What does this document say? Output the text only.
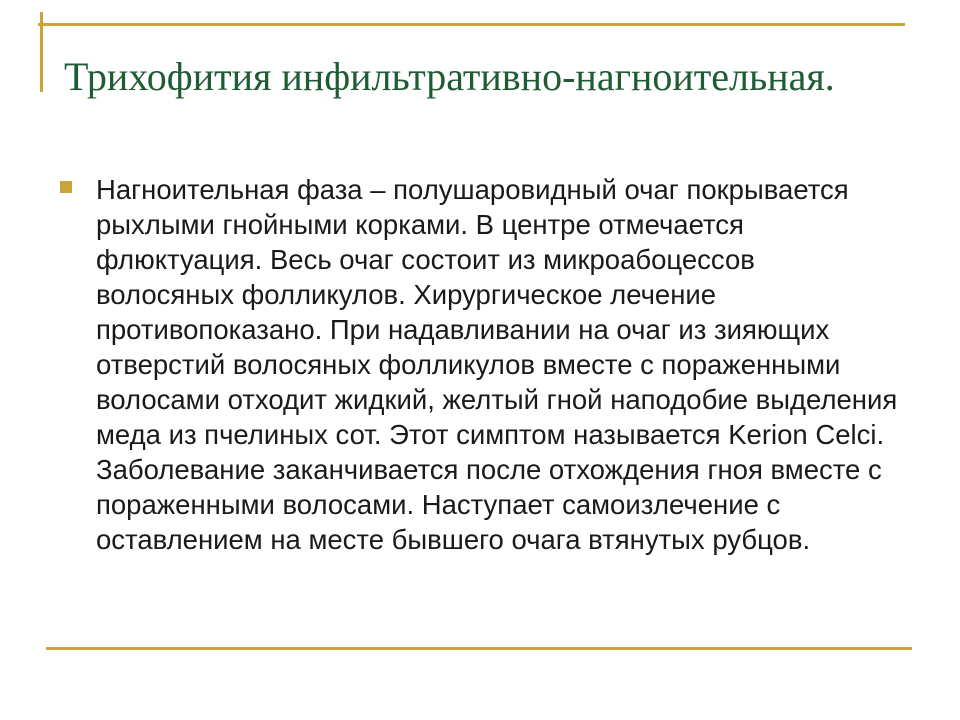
Трихофития инфильтративно-нагноительная.
Нагноительная фаза – полушаровидный очаг покрывается рыхлыми гнойными корками. В центре отмечается флюктуация. Весь очаг состоит из микроабоцессов волосяных фолликулов. Хирургическое лечение противопоказано. При надавливании на очаг из зияющих отверстий волосяных фолликулов вместе с пораженными волосами отходит жидкий, желтый гной наподобие выделения меда из пчелиных сот. Этот симптом называется Kerion Celci. Заболевание заканчивается после отхождения гноя вместе с пораженными волосами. Наступает самоизлечение с оставлением на месте бывшего очага втянутых рубцов.
